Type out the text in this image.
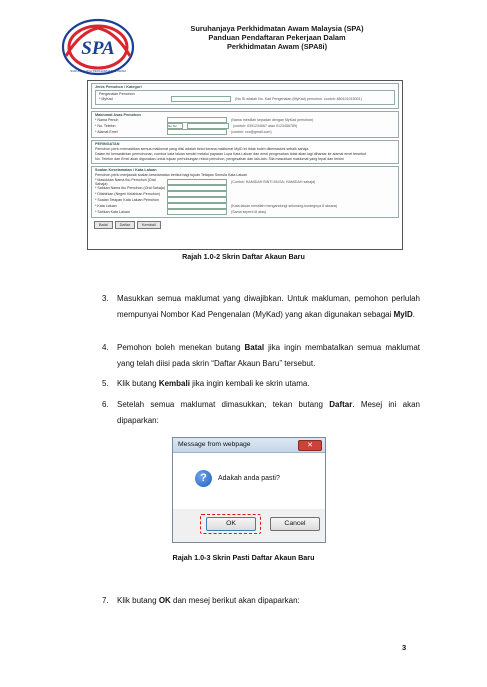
SPA
SURUHANJAYA PERKHIDMATAN AWAM
Suruhanjaya Perkhidmatan Awam Malaysia (SPA)
Panduan Pendaftaran Pekerjaan Dalam
Perkhidmatan Awam (SPA8i)
Jenis Pemohon / Kategori
Pengenalan Pemohon
* MyKad	(No ID adalah No. Kad Pengenalan (MyKad) pemohon. contoh: 880101015001)
Maklumat Asas Pemohon
* Nama Penuh	(Nama mestilah sepadan dengan MyKad pemohon)
* No. Telefon	No Tel	(contoh: 0391234567 atau 0123456789)
* Alamat Emel	(contoh: xxx@gmail.com)
PERINGATAN

Pemohon perlu memastikan semua maklumat yang diisi adalah betul kerana maklumat MyID ini tidak boleh dikemaskini sebaik sahaja

Dalam tiri kemaskinian permohonan, nombor kata laluan sendiri melalui paparan Lupa Kata Laluan dan emel pengesahan tidak akan lagi dihantar ke alamat emel tersebut

No. Telefon dan Emel akan digunakan untuk tujuan perhubungan rekod pemohon, pengesahan dan lain-lain. Sila masukkan maklumat yang tepat dan terkini

Soalan Keselamatan / Kata Laluan
Pemohon perlu menjawab soalan keselamatan berikut bagi tujuan Tetapan Semula Kata Laluan
* Masukkan Nama Ibu Pemohon (Oral Sahaja)	(Contoh: HAMIDAH BINTI MUSA; HAMIDAH sahaja)
* Sahkan Nama Ibu Pemohon (Oral Sahaja)
* Dilahirkan (Negeri Kelahiran Pemohon)
* Soalan Tetapan Kata Laluan Pemohon
* Kata Laluan	(Kata laluan mestilah mengandungi sekurang-kurangnya 8 aksara)
* Sahkan Kata Laluan	(Sama seperti di atas)
Batal	Daftar	Kembali
Rajah 1.0-2 Skrin Daftar Akaun Baru
3. Masukkan semua maklumat yang diwajibkan. Untuk makluman, pemohon perlulah mempunyai Nombor Kad Pengenalan (MyKad) yang akan digunakan sebagai MyID.
4. Pemohon boleh menekan butang Batal jika ingin membatalkan semua maklumat yang telah diisi pada skrin “Daftar Akaun Baru” tersebut.
5. Klik butang Kembali jika ingin kembali ke skrin utama.
6. Setelah semua maklumat dimasukkan, tekan butang Daftar. Mesej ini akan dipaparkan:
Message from webpage	✕
?	Adakah anda pasti?
OK	Cancel
Rajah 1.0-3 Skrin Pasti Daftar Akaun Baru
7. Klik butang OK dan mesej berikut akan dipaparkan:
3
